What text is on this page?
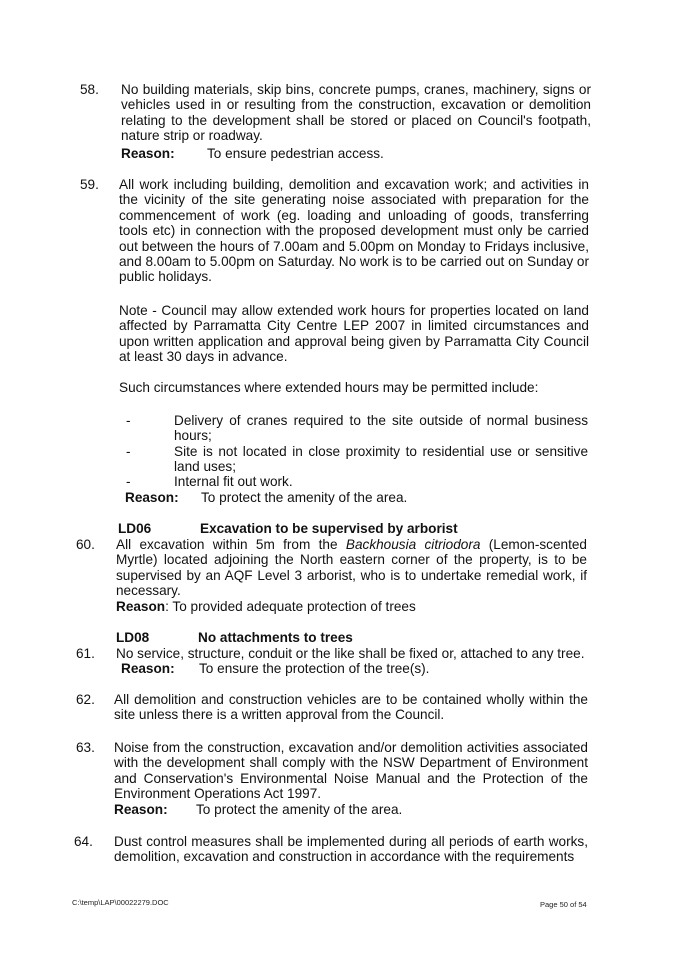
58.	No building materials, skip bins, concrete pumps, cranes, machinery, signs or vehicles used in or resulting from the construction, excavation or demolition relating to the development shall be stored or placed on Council's footpath, nature strip or roadway.
Reason: To ensure pedestrian access.
59.	All work including building, demolition and excavation work; and activities in the vicinity of the site generating noise associated with preparation for the commencement of work (eg. loading and unloading of goods, transferring tools etc) in connection with the proposed development must only be carried out between the hours of 7.00am and 5.00pm on Monday to Fridays inclusive, and 8.00am to 5.00pm on Saturday. No work is to be carried out on Sunday or public holidays.
Note - Council may allow extended work hours for properties located on land affected by Parramatta City Centre LEP 2007 in limited circumstances and upon written application and approval being given by Parramatta City Council at least 30 days in advance.
Such circumstances where extended hours may be permitted include:
-	Delivery of cranes required to the site outside of normal business hours;
-	Site is not located in close proximity to residential use or sensitive land uses;
-	Internal fit out work.
Reason: To protect the amenity of the area.
LD06	Excavation to be supervised by arborist
60.	All excavation within 5m from the Backhousia citriodora (Lemon-scented Myrtle) located adjoining the North eastern corner of the property, is to be supervised by an AQF Level 3 arborist, who is to undertake remedial work, if necessary.
Reason: To provided adequate protection of trees
LD08	No attachments to trees
61.	No service, structure, conduit or the like shall be fixed or, attached to any tree.
Reason: To ensure the protection of the tree(s).
62.	All demolition and construction vehicles are to be contained wholly within the site unless there is a written approval from the Council.
63.	Noise from the construction, excavation and/or demolition activities associated with the development shall comply with the NSW Department of Environment and Conservation's Environmental Noise Manual and the Protection of the Environment Operations Act 1997.
Reason: To protect the amenity of the area.
64.	Dust control measures shall be implemented during all periods of earth works, demolition, excavation and construction in accordance with the requirements
C:\temp\LAP\00022279.DOC	Page 50 of 54
